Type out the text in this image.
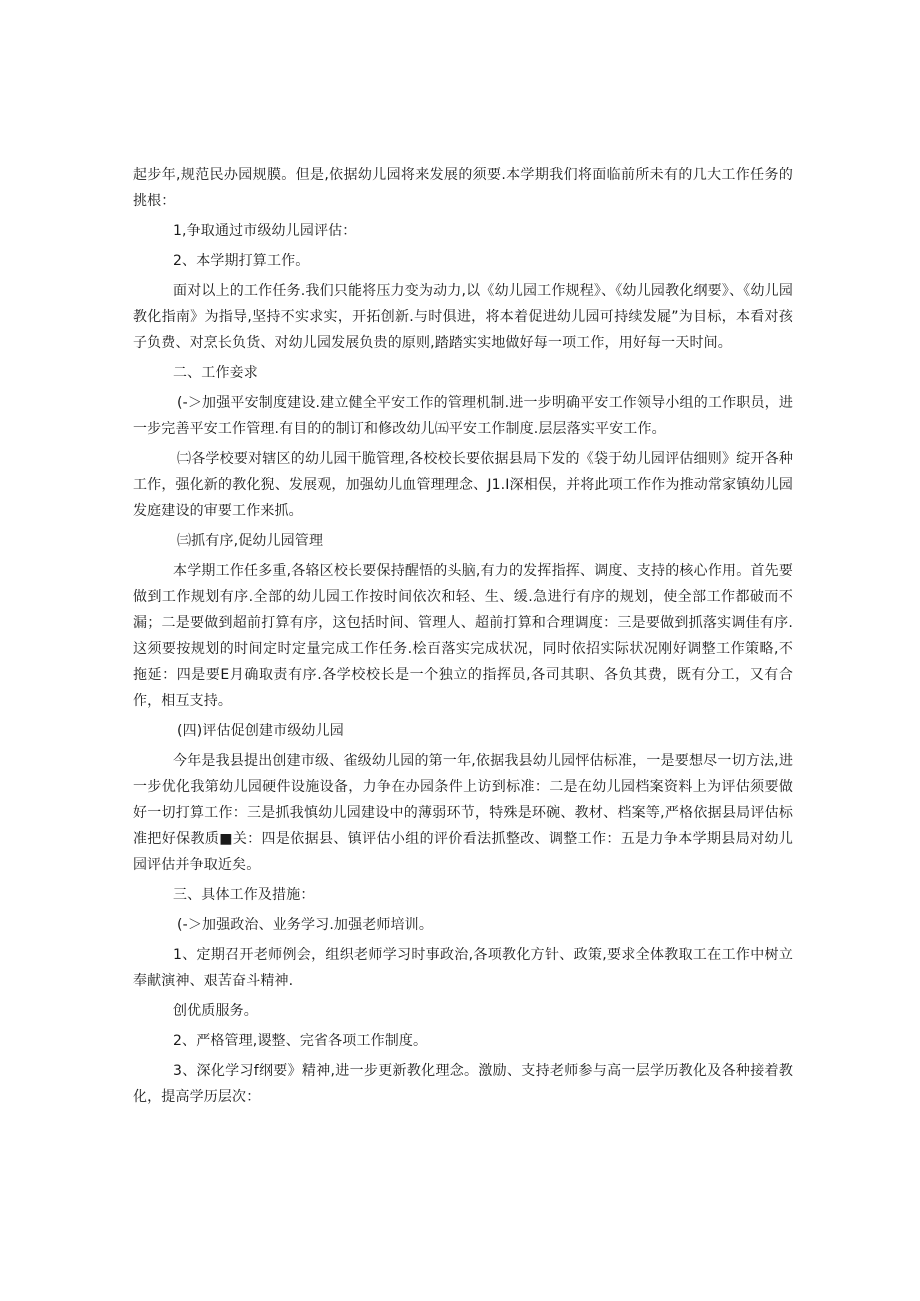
起步年,规范民办园规膜。但是,依据幼儿园将来发展的须要.本学期我们将面临前所未有的几大工作任务的挑根：

1,争取通过市级幼儿园评估：

2、本学期打算工作。

面对以上的工作任务.我们只能将压力变为动力,以《幼儿园工作规程》、《幼儿园教化纲要》、《幼儿园教化指南》为指导,坚持不实求实，开拓创新.与时俱进，将本着促进幼儿园可持续发屣”为目标，本看对孩子负费、对烹长负货、对幼儿园发展负贵的原则,踏踏实实地做好每一项工作，用好每一天时间。

二、工作妾求

(-＞加强平安制度建设.建立健全平安工作的管理机制.进一步明确平安工作领导小组的工作职员，进一步完善平安工作管理.有目的的制订和修改幼儿㈤平安工作制度.层层落实平安工作。

㈡各学校要对辖区的幼儿园干脆管理,各校校长要依据县局下发的《袋于幼儿园评估细则》绽开各种工作，强化新的教化猊、发展观，加强幼儿血管理理念、J1.I深相俣，并将此项工作作为推动常家镇幼儿园发庭建设的审要工作来抓。

㈢抓有序,促幼儿园管理

本学期工作任多重,各辂区校长要保持醒悟的头脑,有力的发挥指挥、调度、支持的核心作用。首先要做到工作规划有序.全部的幼儿园工作按时间依次和轻、生、缓.急进行有序的规划，使全部工作都破而不漏；二是要做到超前打算有序，这包括时间、管理人、超前打算和合理调度：三是要做到抓落实调佳有序.这须要按规划的时间定时定量完成工作任务.桧百落实完成状况，同时依招实际状况刚好调整工作策略,不拖延：四是要E月确取责有序.各学校校长是一个独立的指挥员,各司其职、各负其费，既有分工，又有合作，相互支持。

(四)评估促创建市级幼儿园

今年是我县提出创建市级、雀级幼儿园的第一年,依据我县幼儿园怦估标准，一是要想尽一切方法,进一步优化我第幼儿园硬件设施设备，力争在办园条件上访到标准：二是在幼儿园档案资料上为评估须要做好一切打算工作：三是抓我慎幼儿园建设中的薄弱环节，特殊是环碗、教材、档案等,严格依据县局评估标准把好保教质■关：四是依据县、镇评估小组的评价看法抓整改、调整工作：五是力争本学期县局对幼儿园评估并争取近矣。

三、具体工作及措施：

(-＞加强政治、业务学习.加强老师培训。

1、定期召开老师例会，组织老师学习时事政治,各项教化方针、政策,要求全体教取工在工作中树立奉献演神、艰苦奋斗精神.

创优质服务。

2、严格管理,谡整、完省各项工作制度。

3、深化学习f纲要》精神,进一步更新教化理念。激励、支持老师参与高一层学历教化及各种接着教化，提高学历层次：
